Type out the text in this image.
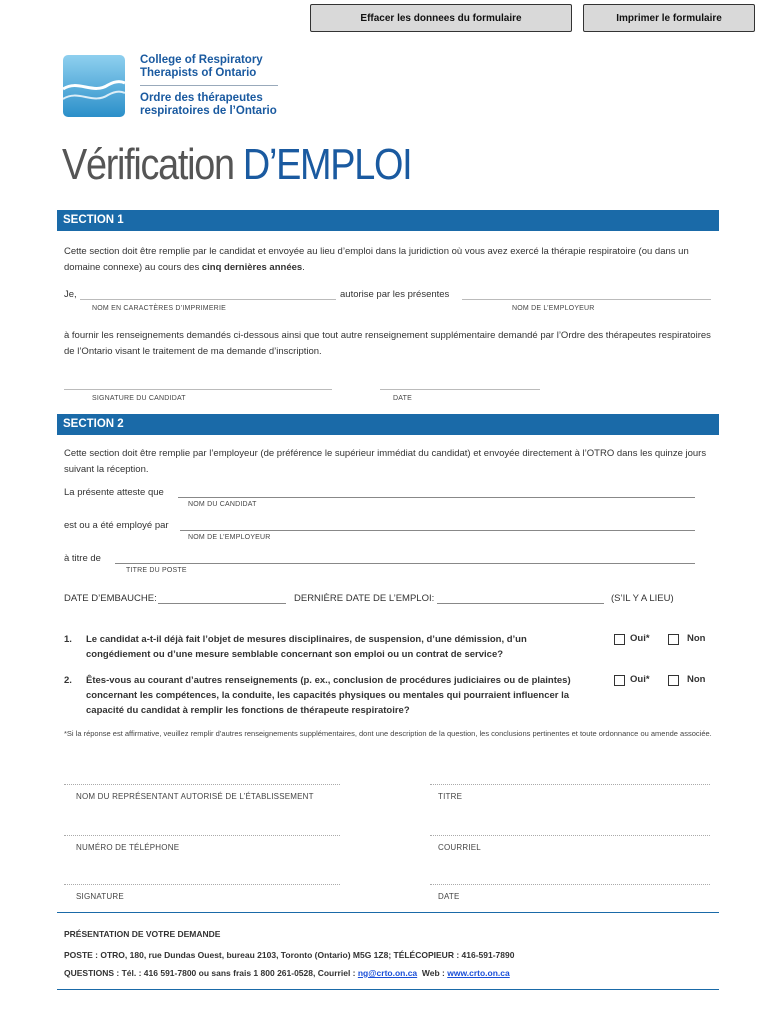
Effacer les donnees du formulaire	Imprimer le formulaire
College of Respiratory
Therapists of Ontario
Ordre des thérapeutes
respiratoires de l’Ontario
Vérification D’EMPLOI
SECTION 1
Cette section doit être remplie par le candidat et envoyée au lieu d’emploi dans la juridiction où vous avez exercé la thérapie respiratoire (ou dans un domaine connexe) au cours des cinq dernières années.
Je,	autorise par les présentes
NOM EN CARACTÈRES D’IMPRIMERIE	NOM DE L’EMPLOYEUR
à fournir les renseignements demandés ci-dessous ainsi que tout autre renseignement supplémentaire demandé par l’Ordre des thérapeutes respiratoires de l’Ontario visant le traitement de ma demande d’inscription.
SIGNATURE DU CANDIDAT	DATE
SECTION 2
Cette section doit être remplie par l’employeur (de préférence le supérieur immédiat du candidat) et envoyée directement à l’OTRO dans les quinze jours suivant la réception.
La présente atteste que
NOM DU CANDIDAT
est ou a été employé par
NOM DE L’EMPLOYEUR
à titre de
TITRE DU POSTE
DATE D’EMBAUCHE:	DERNIÈRE DATE DE L’EMPLOI:	(S’IL Y A LIEU)
1. Le candidat a-t-il déjà fait l’objet de mesures disciplinaires, de suspension, d’une démission, d’un congédiement ou d’une mesure semblable concernant son emploi ou un contrat de service?
Oui*	Non
2. Êtes-vous au courant d’autres renseignements (p. ex., conclusion de procédures judiciaires ou de plaintes) concernant les compétences, la conduite, les capacités physiques ou mentales qui pourraient influencer la capacité du candidat à remplir les fonctions de thérapeute respiratoire?
Oui*	Non
*Si la réponse est affirmative, veuillez remplir d’autres renseignements supplémentaires, dont une description de la question, les conclusions pertinentes et toute ordonnance ou amende associée.
NOM DU REPRÉSENTANT AUTORISÉ DE L’ÉTABLISSEMENT	TITRE
NUMÉRO DE TÉLÉPHONE	COURRIEL
SIGNATURE	DATE
PRÉSENTATION DE VOTRE DEMANDE
POSTE : OTRO, 180, rue Dundas Ouest, bureau 2103, Toronto (Ontario) M5G 1Z8; TÉLÉCOPIEUR : 416-591-7890
QUESTIONS : Tél. : 416 591-7800 ou sans frais 1 800 261-0528, Courriel : ng@crto.on.ca  Web : www.crto.on.ca
